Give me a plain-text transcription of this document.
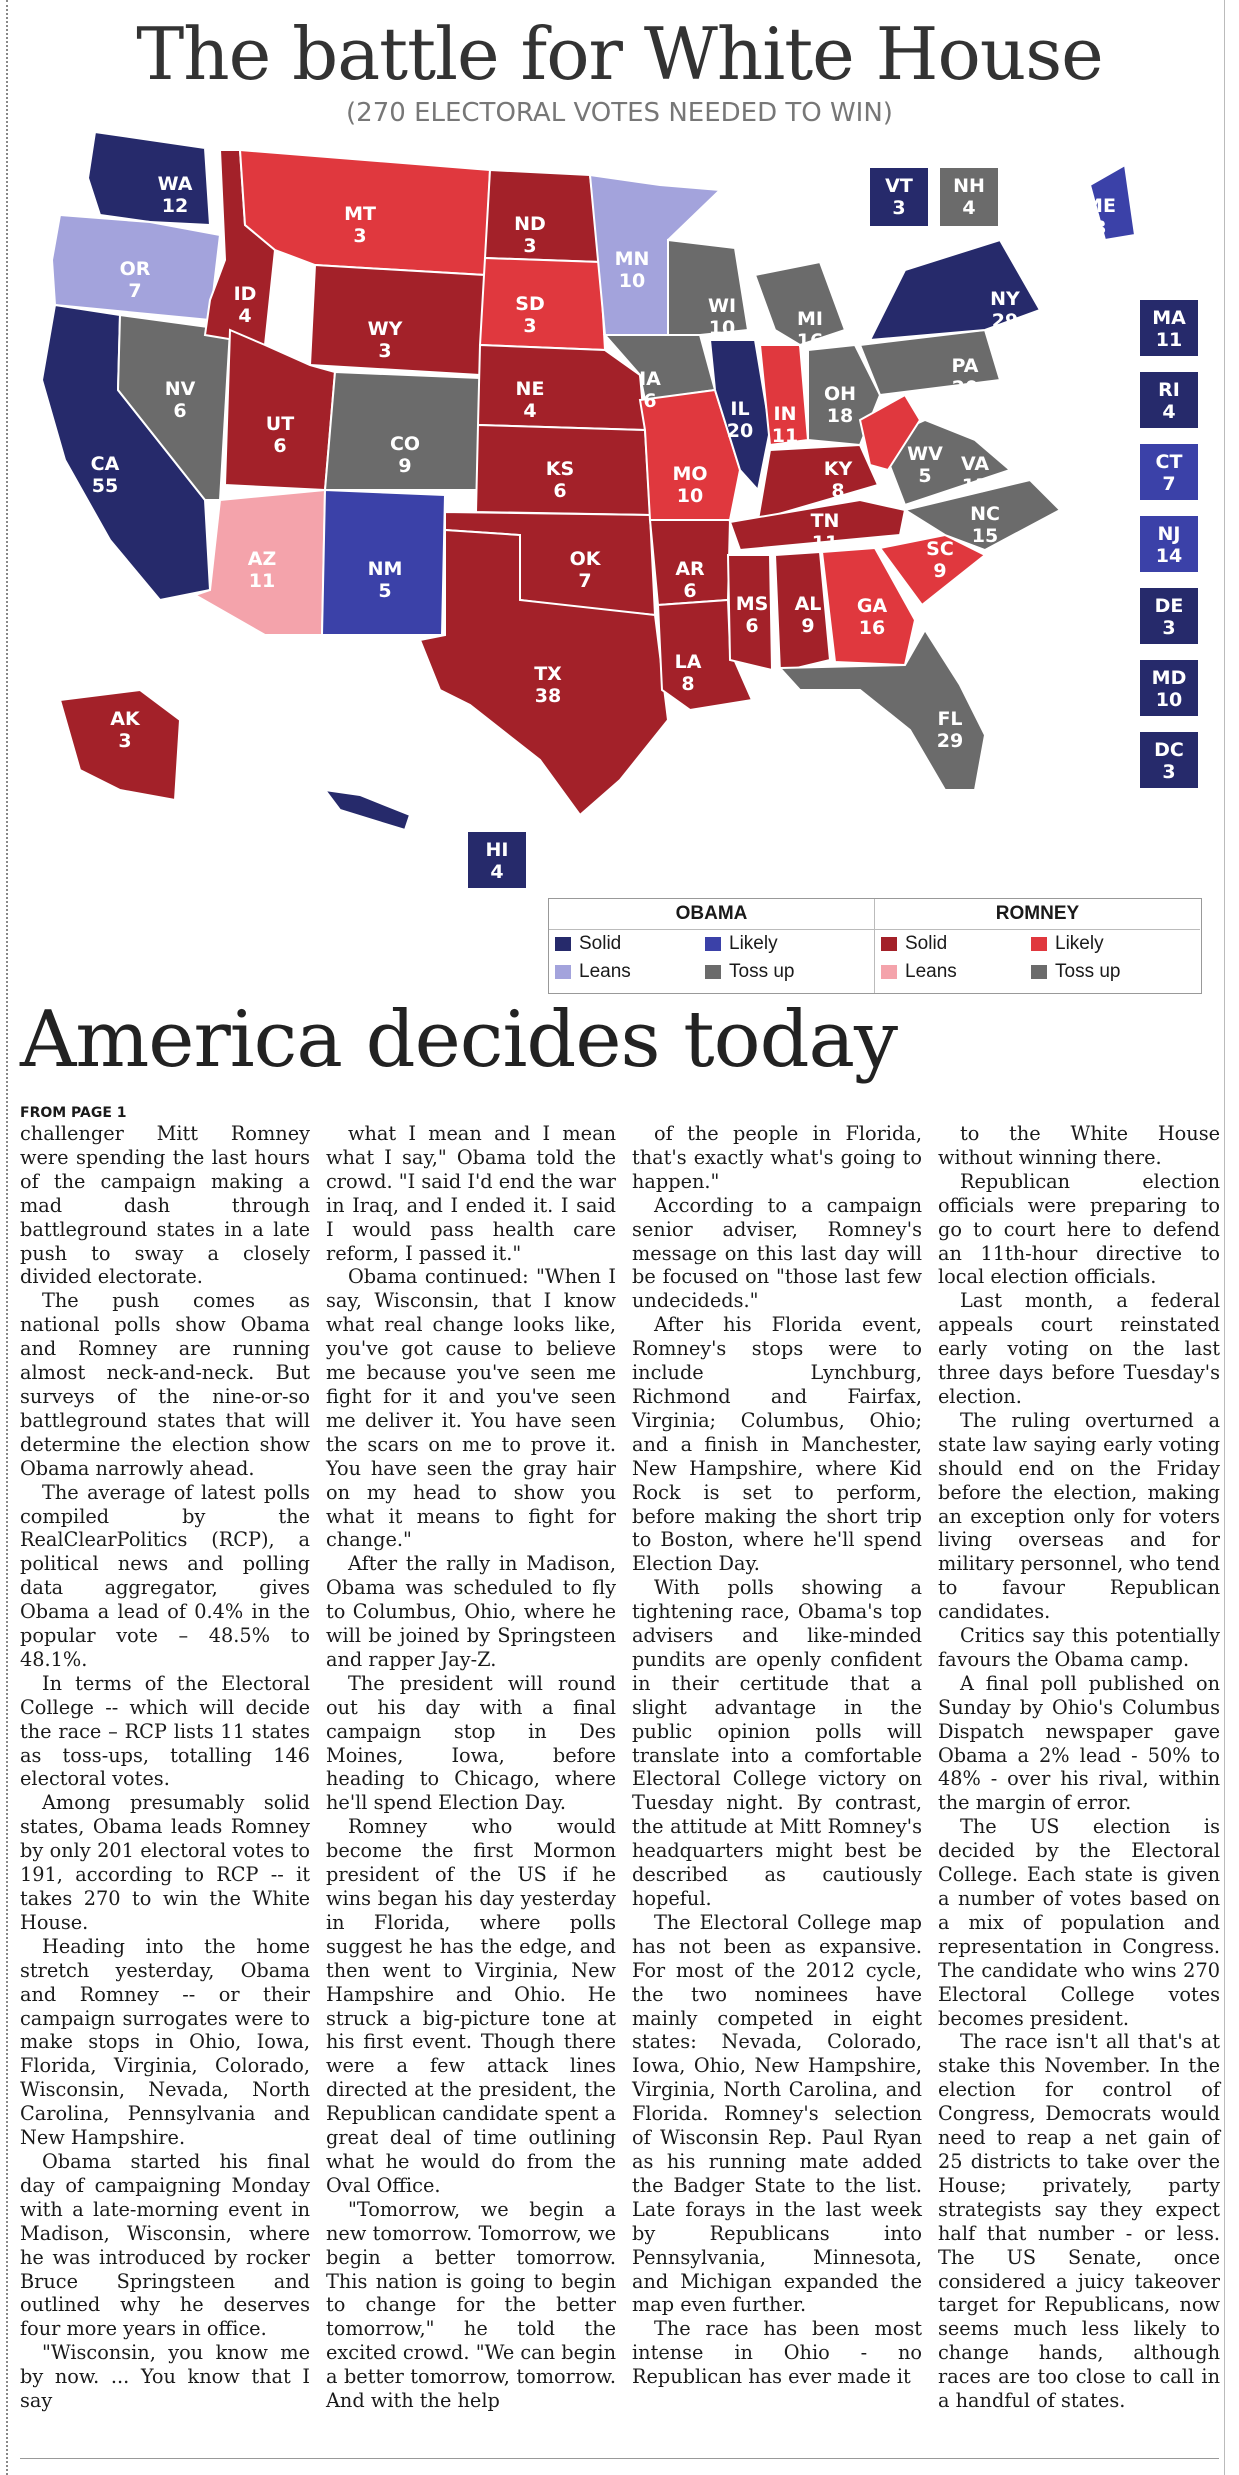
The battle for White House
(270 ELECTORAL VOTES NEEDED TO WIN)
WA
12
OR
7
CA
55
NV
6
ID
4
MT
3
WY
3
UT
6
AZ
11
CO
9
NM
5
ND
3
SD
3
NE
4
KS
6
OK
7
TX
38
MN
10
IA
6
MO
10
AR
6
LA
8
WI
10
IL
20
MI
16
IN
11
OH
18
KY
8
TN
11
MS
6
AL
9
GA
16
FL
29
SC
9
NC
15
VA
13
WV
5
PA
20
NY
29
ME
3
AK
3
HI
4
VT
3
NH
4
MA
11
RI
4
CT
7
NJ
14
DE
3
MD
10
DC
3
OBAMA
Solid	Likely
Leans	Toss up
ROMNEY
Solid	Likely
Leans	Toss up
America decides today
FROM PAGE 1

challenger Mitt Romney were spending the last hours of the campaign making a mad dash through battleground states in a late push to sway a closely divided electorate.

The push comes as national polls show Obama and Romney are running almost neck-and-neck. But surveys of the nine-or-so battleground states that will determine the election show Obama narrowly ahead.

The average of latest polls compiled by the RealClearPolitics (RCP), a political news and polling data aggregator, gives Obama a lead of 0.4% in the popular vote – 48.5% to 48.1%.

In terms of the Electoral College -- which will decide the race – RCP lists 11 states as toss-ups, totalling 146 electoral votes.

Among presumably solid states, Obama leads Romney by only 201 electoral votes to 191, according to RCP -- it takes 270 to win the White House.

Heading into the home stretch yesterday, Obama and Romney -- or their campaign surrogates were to make stops in Ohio, Iowa, Florida, Virginia, Colorado, Wisconsin, Nevada, North Carolina, Pennsylvania and New Hampshire.

Obama started his final day of campaigning Monday with a late-morning event in Madison, Wisconsin, where he was introduced by rocker Bruce Springsteen and outlined why he deserves four more years in office.

"Wisconsin, you know me by now. ... You know that I say

what I mean and I mean what I say," Obama told the crowd. "I said I'd end the war in Iraq, and I ended it. I said I would pass health care reform, I passed it."

Obama continued: "When I say, Wisconsin, that I know what real change looks like, you've got cause to believe me because you've seen me fight for it and you've seen me deliver it. You have seen the scars on me to prove it. You have seen the gray hair on my head to show you what it means to fight for change."

After the rally in Madison, Obama was scheduled to fly to Columbus, Ohio, where he will be joined by Springsteen and rapper Jay-Z.

The president will round out his day with a final campaign stop in Des Moines, Iowa, before heading to Chicago, where he'll spend Election Day.

Romney who would become the first Mormon president of the US if he wins began his day yesterday in Florida, where polls suggest he has the edge, and then went to Virginia, New Hampshire and Ohio. He struck a big-picture tone at his first event. Though there were a few attack lines directed at the president, the Republican candidate spent a great deal of time outlining what he would do from the Oval Office.

"Tomorrow, we begin a new tomorrow. Tomorrow, we begin a better tomorrow. This nation is going to begin to change for the better tomorrow," he told the excited crowd. "We can begin a better tomorrow, tomorrow. And with the help

of the people in Florida, that's exactly what's going to happen."

According to a campaign senior adviser, Romney's message on this last day will be focused on "those last few undecideds."

After his Florida event, Romney's stops were to include Lynchburg, Richmond and Fairfax, Virginia; Columbus, Ohio; and a finish in Manchester, New Hampshire, where Kid Rock is set to perform, before making the short trip to Boston, where he'll spend Election Day.

With polls showing a tightening race, Obama's top advisers and like-minded pundits are openly confident in their certitude that a slight advantage in the public opinion polls will translate into a comfortable Electoral College victory on Tuesday night. By contrast, the attitude at Mitt Romney's headquarters might best be described as cautiously hopeful.

The Electoral College map has not been as expansive. For most of the 2012 cycle, the two nominees have mainly competed in eight states: Nevada, Colorado, Iowa, Ohio, New Hampshire, Virginia, North Carolina, and Florida. Romney's selection of Wisconsin Rep. Paul Ryan as his running mate added the Badger State to the list. Late forays in the last week by Republicans into Pennsylvania, Minnesota, and Michigan expanded the map even further.

The race has been most intense in Ohio - no Republican has ever made it

to the White House without winning there.

Republican election officials were preparing to go to court here to defend an 11th-hour directive to local election officials.

Last month, a federal appeals court reinstated early voting on the last three days before Tuesday's election.

The ruling overturned a state law saying early voting should end on the Friday before the election, making an exception only for voters living overseas and for military personnel, who tend to favour Republican candidates.

Critics say this potentially favours the Obama camp.

A final poll published on Sunday by Ohio's Columbus Dispatch newspaper gave Obama a 2% lead - 50% to 48% - over his rival, within the margin of error.

The US election is decided by the Electoral College. Each state is given a number of votes based on a mix of population and representation in Congress. The candidate who wins 270 Electoral College votes becomes president.

The race isn't all that's at stake this November. In the election for control of Congress, Democrats would need to reap a net gain of 25 districts to take over the House; privately, party strategists say they expect half that number - or less. The US Senate, once considered a juicy takeover target for Republicans, now seems much less likely to change hands, although races are too close to call in a handful of states.
